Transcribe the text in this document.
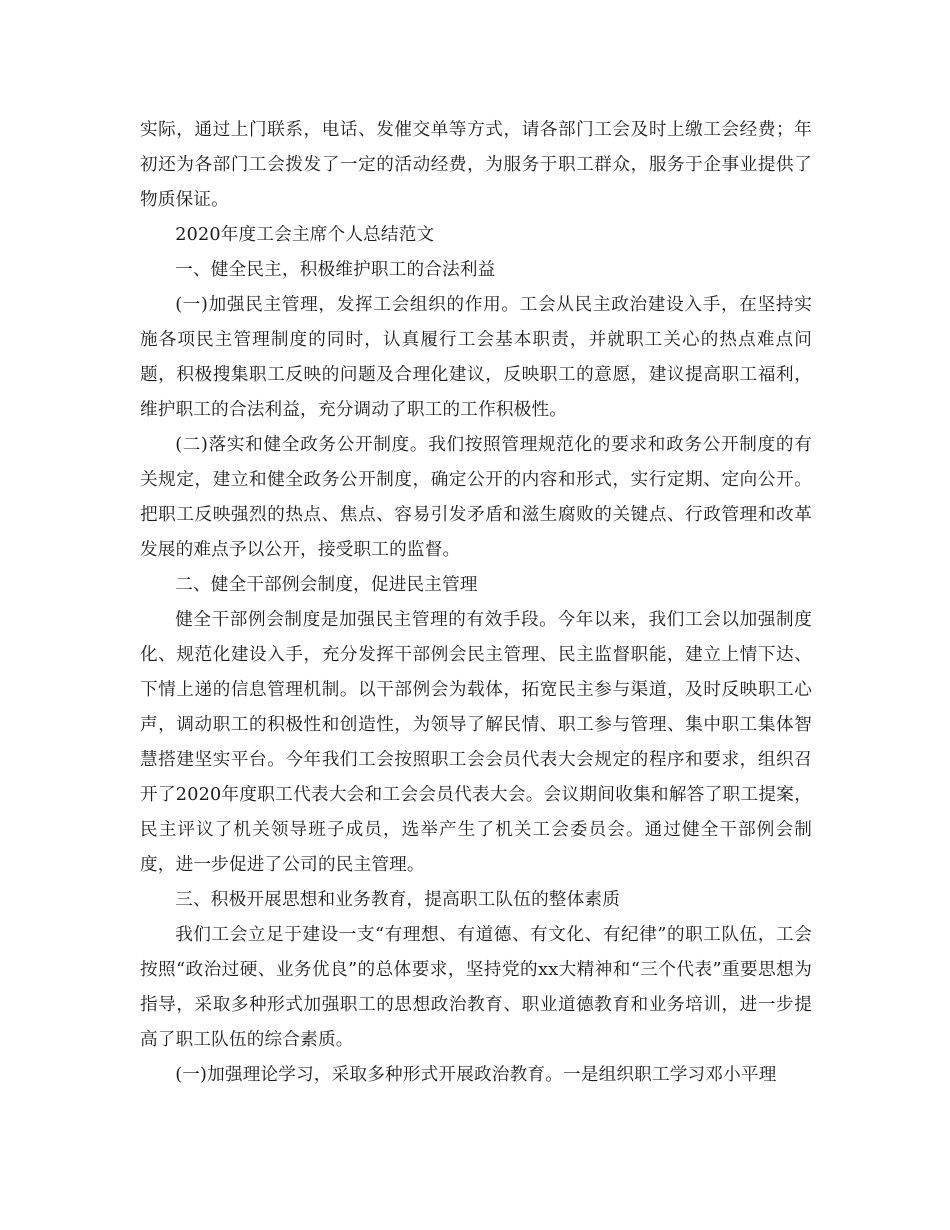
实际，通过上门联系，电话、发催交单等方式，请各部门工会及时上缴工会经费；年初还为各部门工会拨发了一定的活动经费，为服务于职工群众，服务于企事业提供了物质保证。

2020年度工会主席个人总结范文

一、健全民主，积极维护职工的合法利益

(一)加强民主管理，发挥工会组织的作用。工会从民主政治建设入手，在坚持实施各项民主管理制度的同时，认真履行工会基本职责，并就职工关心的热点难点问题，积极搜集职工反映的问题及合理化建议，反映职工的意愿，建议提高职工福利，维护职工的合法利益，充分调动了职工的工作积极性。

(二)落实和健全政务公开制度。我们按照管理规范化的要求和政务公开制度的有关规定，建立和健全政务公开制度，确定公开的内容和形式，实行定期、定向公开。把职工反映强烈的热点、焦点、容易引发矛盾和滋生腐败的关键点、行政管理和改革发展的难点予以公开，接受职工的监督。

二、健全干部例会制度，促进民主管理

健全干部例会制度是加强民主管理的有效手段。今年以来，我们工会以加强制度化、规范化建设入手，充分发挥干部例会民主管理、民主监督职能，建立上情下达、下情上递的信息管理机制。以干部例会为载体，拓宽民主参与渠道，及时反映职工心声，调动职工的积极性和创造性，为领导了解民情、职工参与管理、集中职工集体智慧搭建坚实平台。今年我们工会按照职工会会员代表大会规定的程序和要求，组织召开了2020年度职工代表大会和工会会员代表大会。会议期间收集和解答了职工提案，民主评议了机关领导班子成员，选举产生了机关工会委员会。通过健全干部例会制度，进一步促进了公司的民主管理。

三、积极开展思想和业务教育，提高职工队伍的整体素质

我们工会立足于建设一支“有理想、有道德、有文化、有纪律”的职工队伍，工会按照“政治过硬、业务优良”的总体要求，坚持党的xx大精神和“三个代表”重要思想为指导，采取多种形式加强职工的思想政治教育、职业道德教育和业务培训，进一步提高了职工队伍的综合素质。

(一)加强理论学习，采取多种形式开展政治教育。一是组织职工学习邓小平理
